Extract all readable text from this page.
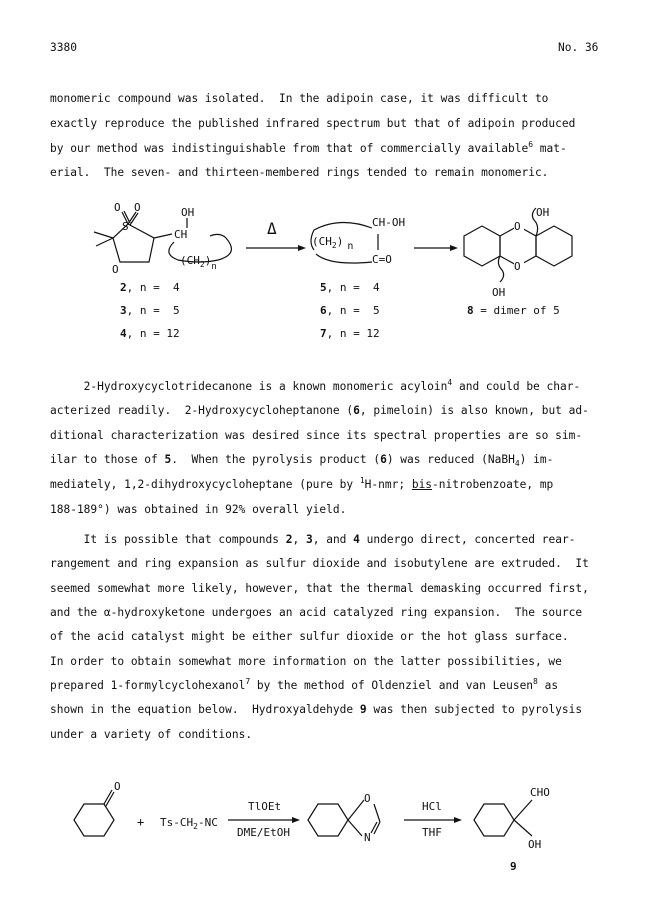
3380	No. 36
monomeric compound was isolated.  In the adipoin case, it was difficult to
exactly reproduce the published infrared spectrum but that of adipoin produced
by our method was indistinguishable from that of commercially available$^6$ mat-
erial.  The seven- and thirteen-membered rings tended to remain monomeric.
O O
S
O
OH
CH
$(CH_2)_n$
Δ	CH-OH
$(CH_2)$ n
C=O
O
O
OH
OH
2, n =  4
3, n =  5
4, n = 12
5, n =  4
6, n =  5
7, n = 12
8 = dimer of 5
2-Hydroxycyclotridecanone is a known monomeric acyloin$^4$ and could be char-
acterized readily.  2-Hydroxycycloheptanone (6, pimeloin) is also known, but ad-
ditional characterization was desired since its spectral properties are so sim-
ilar to those of 5.  When the pyrolysis product (6) was reduced (NaBH$_4$) im-
mediately, 1,2-dihydroxycycloheptane (pure by $^1$H-nmr; bis-nitrobenzoate, mp
188-189°) was obtained in 92% overall yield.
It is possible that compounds 2, 3, and 4 undergo direct, concerted rear-
rangement and ring expansion as sulfur dioxide and isobutylene are extruded.  It
seemed somewhat more likely, however, that the thermal demasking occurred first,
and the α-hydroxyketone undergoes an acid catalyzed ring expansion.  The source
of the acid catalyst might be either sulfur dioxide or the hot glass surface.
In order to obtain somewhat more information on the latter possibilities, we
prepared 1-formylcyclohexanol$^7$ by the method of Oldenziel and van Leusen$^8$ as
shown in the equation below.  Hydroxyaldehyde 9 was then subjected to pyrolysis
under a variety of conditions.
O
+ $Ts-CH_2-NC$
TlOEt
DME/EtOH
O
N
HCl
THF
CHO
OH
9
